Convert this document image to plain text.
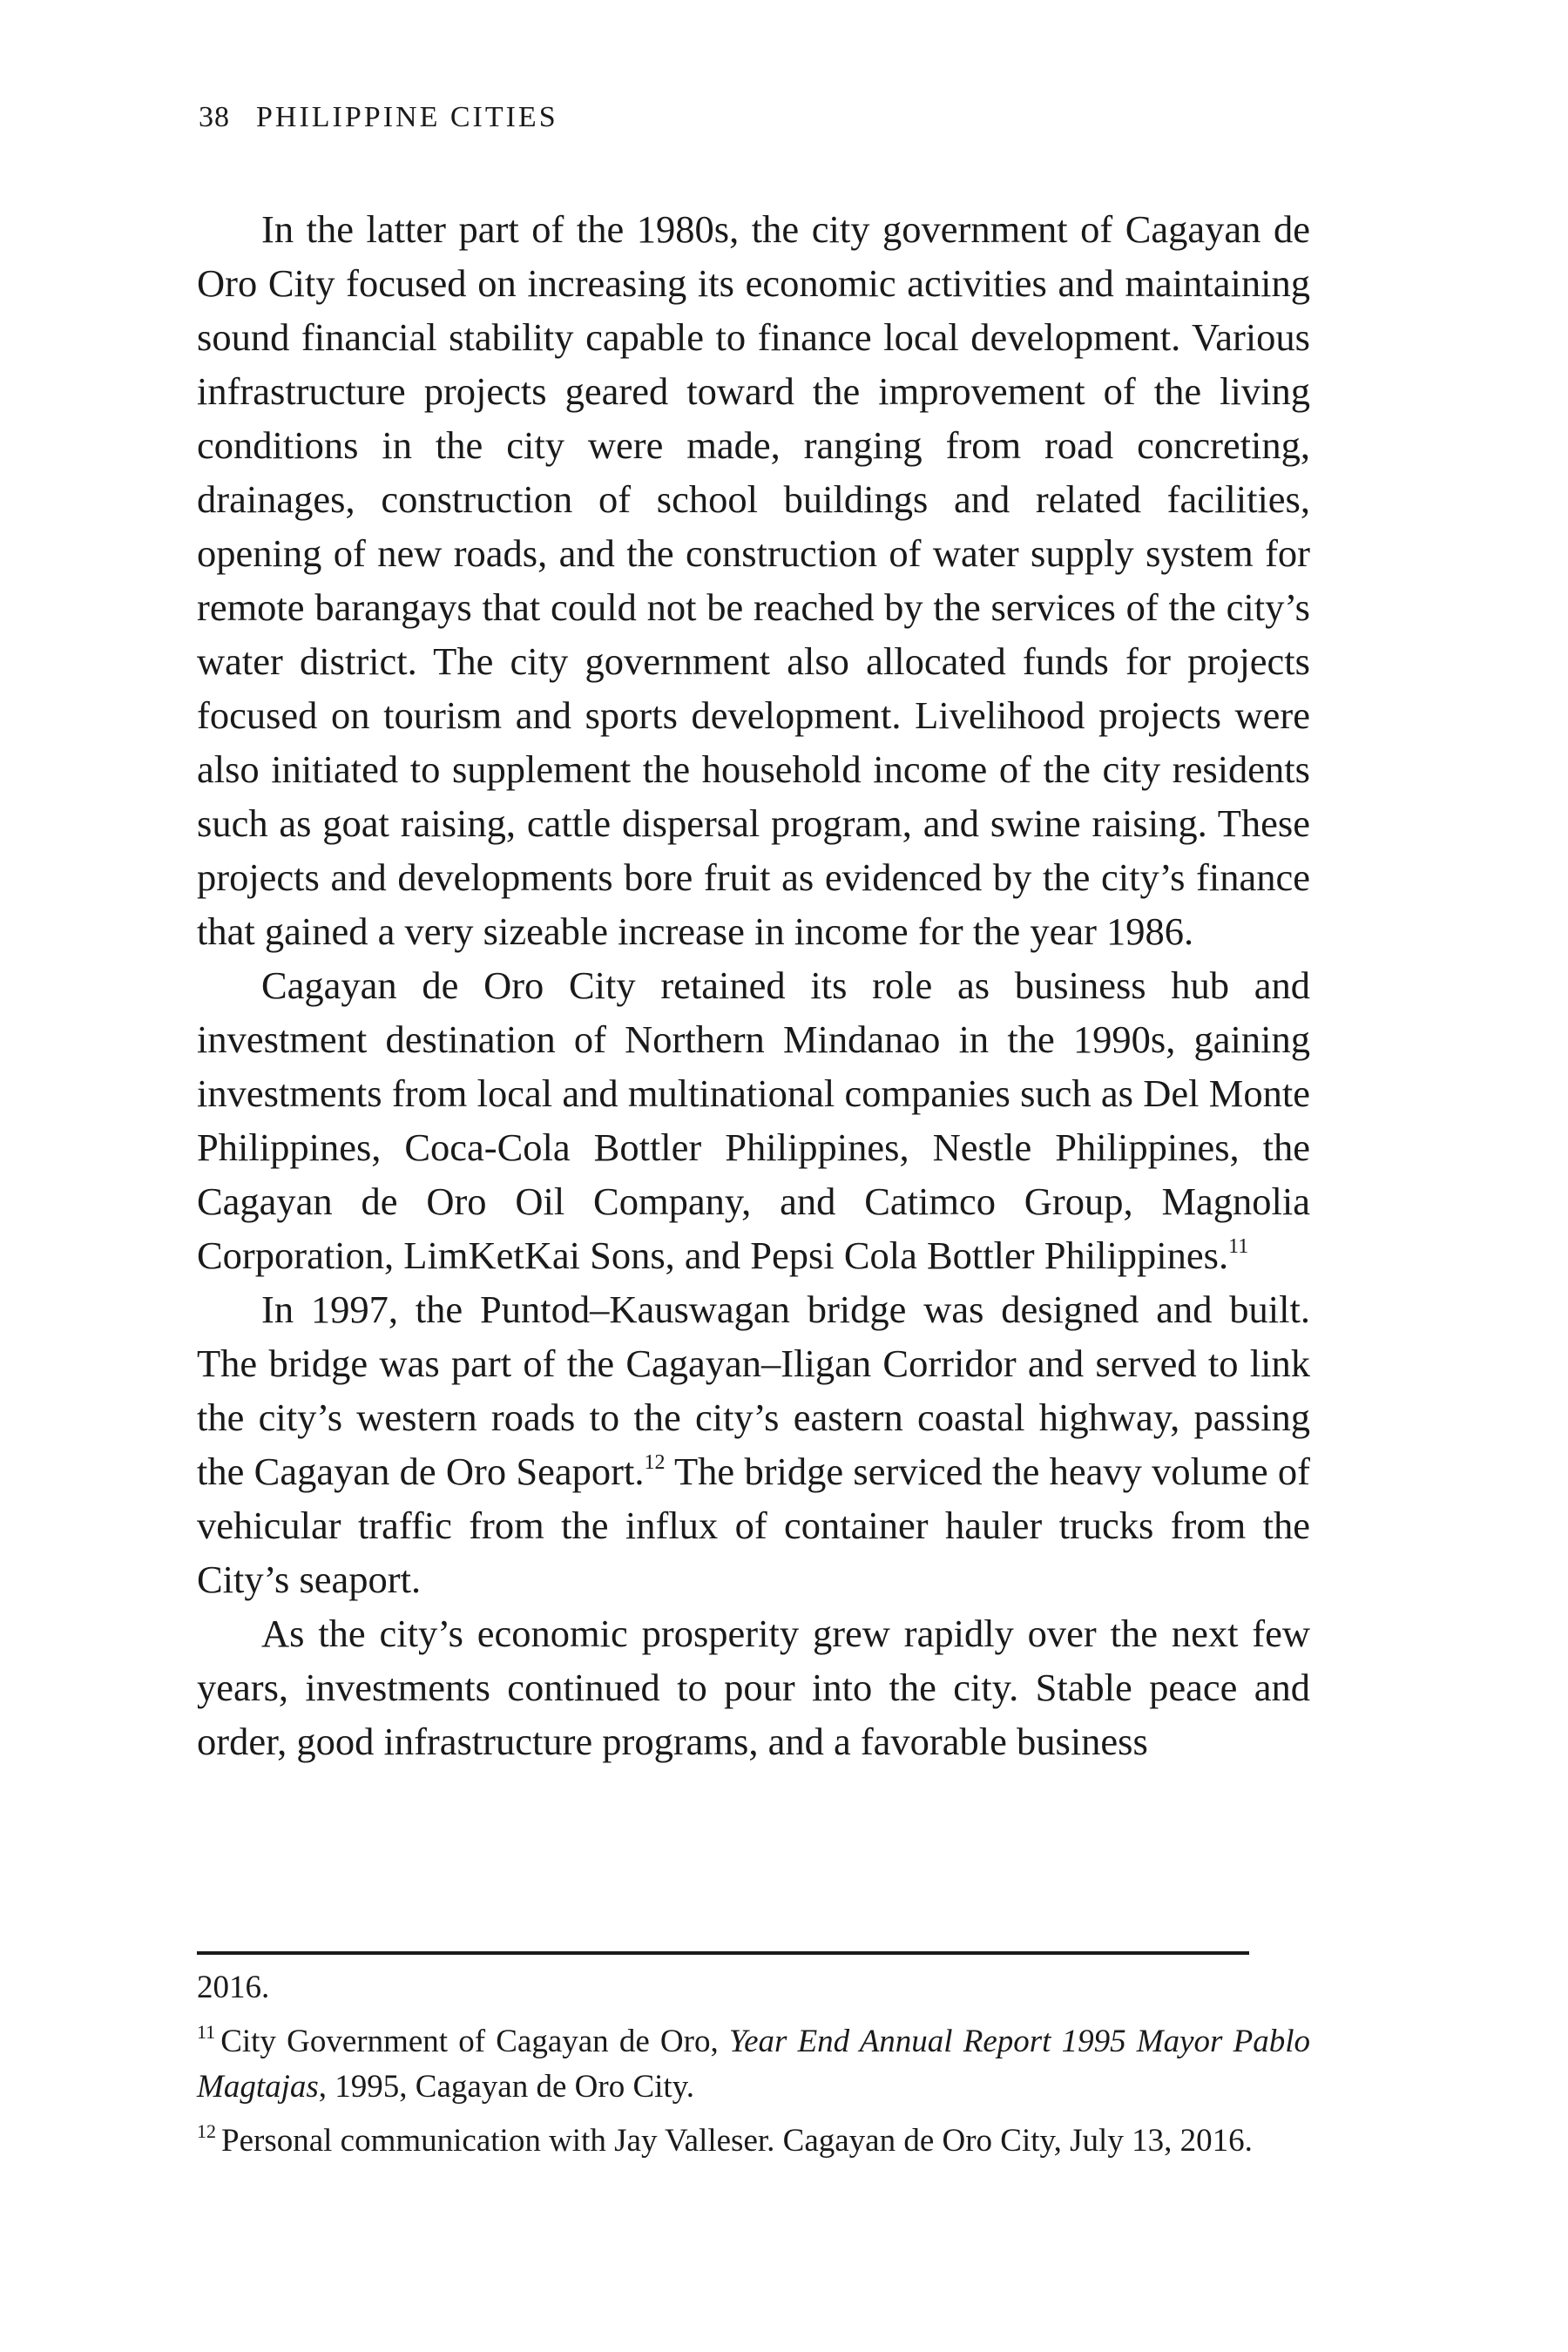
38 PHILIPPINE CITIES

In the latter part of the 1980s, the city government of Cagayan de Oro City focused on increasing its economic activities and maintaining sound financial stability capable to finance local development. Various infrastructure projects geared toward the improvement of the living conditions in the city were made, ranging from road concreting, drainages, construction of school buildings and related facilities, opening of new roads, and the construction of water supply system for remote barangays that could not be reached by the services of the city’s water district. The city government also allocated funds for projects focused on tourism and sports development. Livelihood projects were also initiated to supplement the household income of the city residents such as goat raising, cattle dispersal program, and swine raising. These projects and developments bore fruit as evidenced by the city’s finance that gained a very sizeable increase in income for the year 1986.

Cagayan de Oro City retained its role as business hub and investment destination of Northern Mindanao in the 1990s, gaining investments from local and multinational companies such as Del Monte Philippines, Coca-Cola Bottler Philippines, Nestle Philippines, the Cagayan de Oro Oil Company, and Catimco Group, Magnolia Corporation, LimKetKai Sons, and Pepsi Cola Bottler Philippines.$^{11}$

In 1997, the Puntod–Kauswagan bridge was designed and built. The bridge was part of the Cagayan–Iligan Corridor and served to link the city’s western roads to the city’s eastern coastal highway, passing the Cagayan de Oro Seaport.$^{12}$ The bridge serviced the heavy volume of vehicular traffic from the influx of container hauler trucks from the City’s seaport.

As the city’s economic prosperity grew rapidly over the next few years, investments continued to pour into the city. Stable peace and order, good infrastructure programs, and a favorable business

2016.

$^{11}$ City Government of Cagayan de Oro, Year End Annual Report 1995 Mayor Pablo Magtajas, 1995, Cagayan de Oro City.

$^{12}$ Personal communication with Jay Valleser. Cagayan de Oro City, July 13, 2016.
